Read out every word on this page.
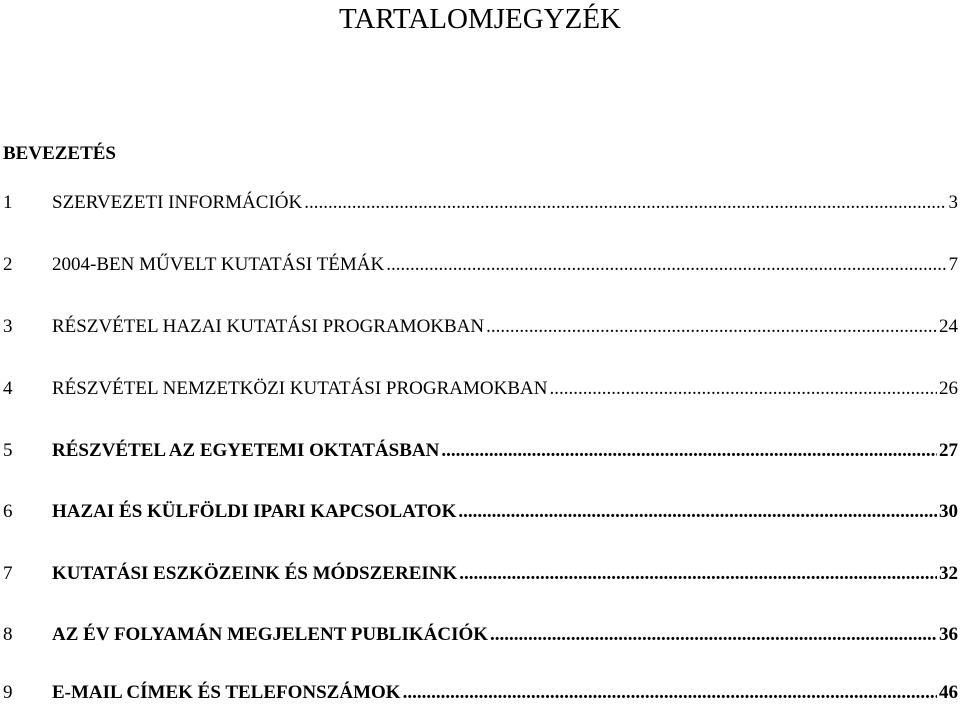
TARTALOMJEGYZÉK
BEVEZETÉS
1	SZERVEZETI INFORMÁCIÓK .....	3
2	2004-BEN MŰVELT KUTATÁSI TÉMÁK .....	7
3	RÉSZVÉTEL HAZAI KUTATÁSI PROGRAMOKBAN .....	24
4	RÉSZVÉTEL NEMZETKÖZI KUTATÁSI PROGRAMOKBAN .....	26
5	RÉSZVÉTEL AZ EGYETEMI OKTATÁSBAN .....	27
6	HAZAI ÉS KÜLFÖLDI IPARI KAPCSOLATOK .....	30
7	KUTATÁSI ESZKÖZEINK ÉS MÓDSZEREINK .....	32
8	AZ ÉV FOLYAMÁN MEGJELENT PUBLIKÁCIÓK .....	36
9	E-MAIL CÍMEK ÉS TELEFONSZÁMOK .....	46
